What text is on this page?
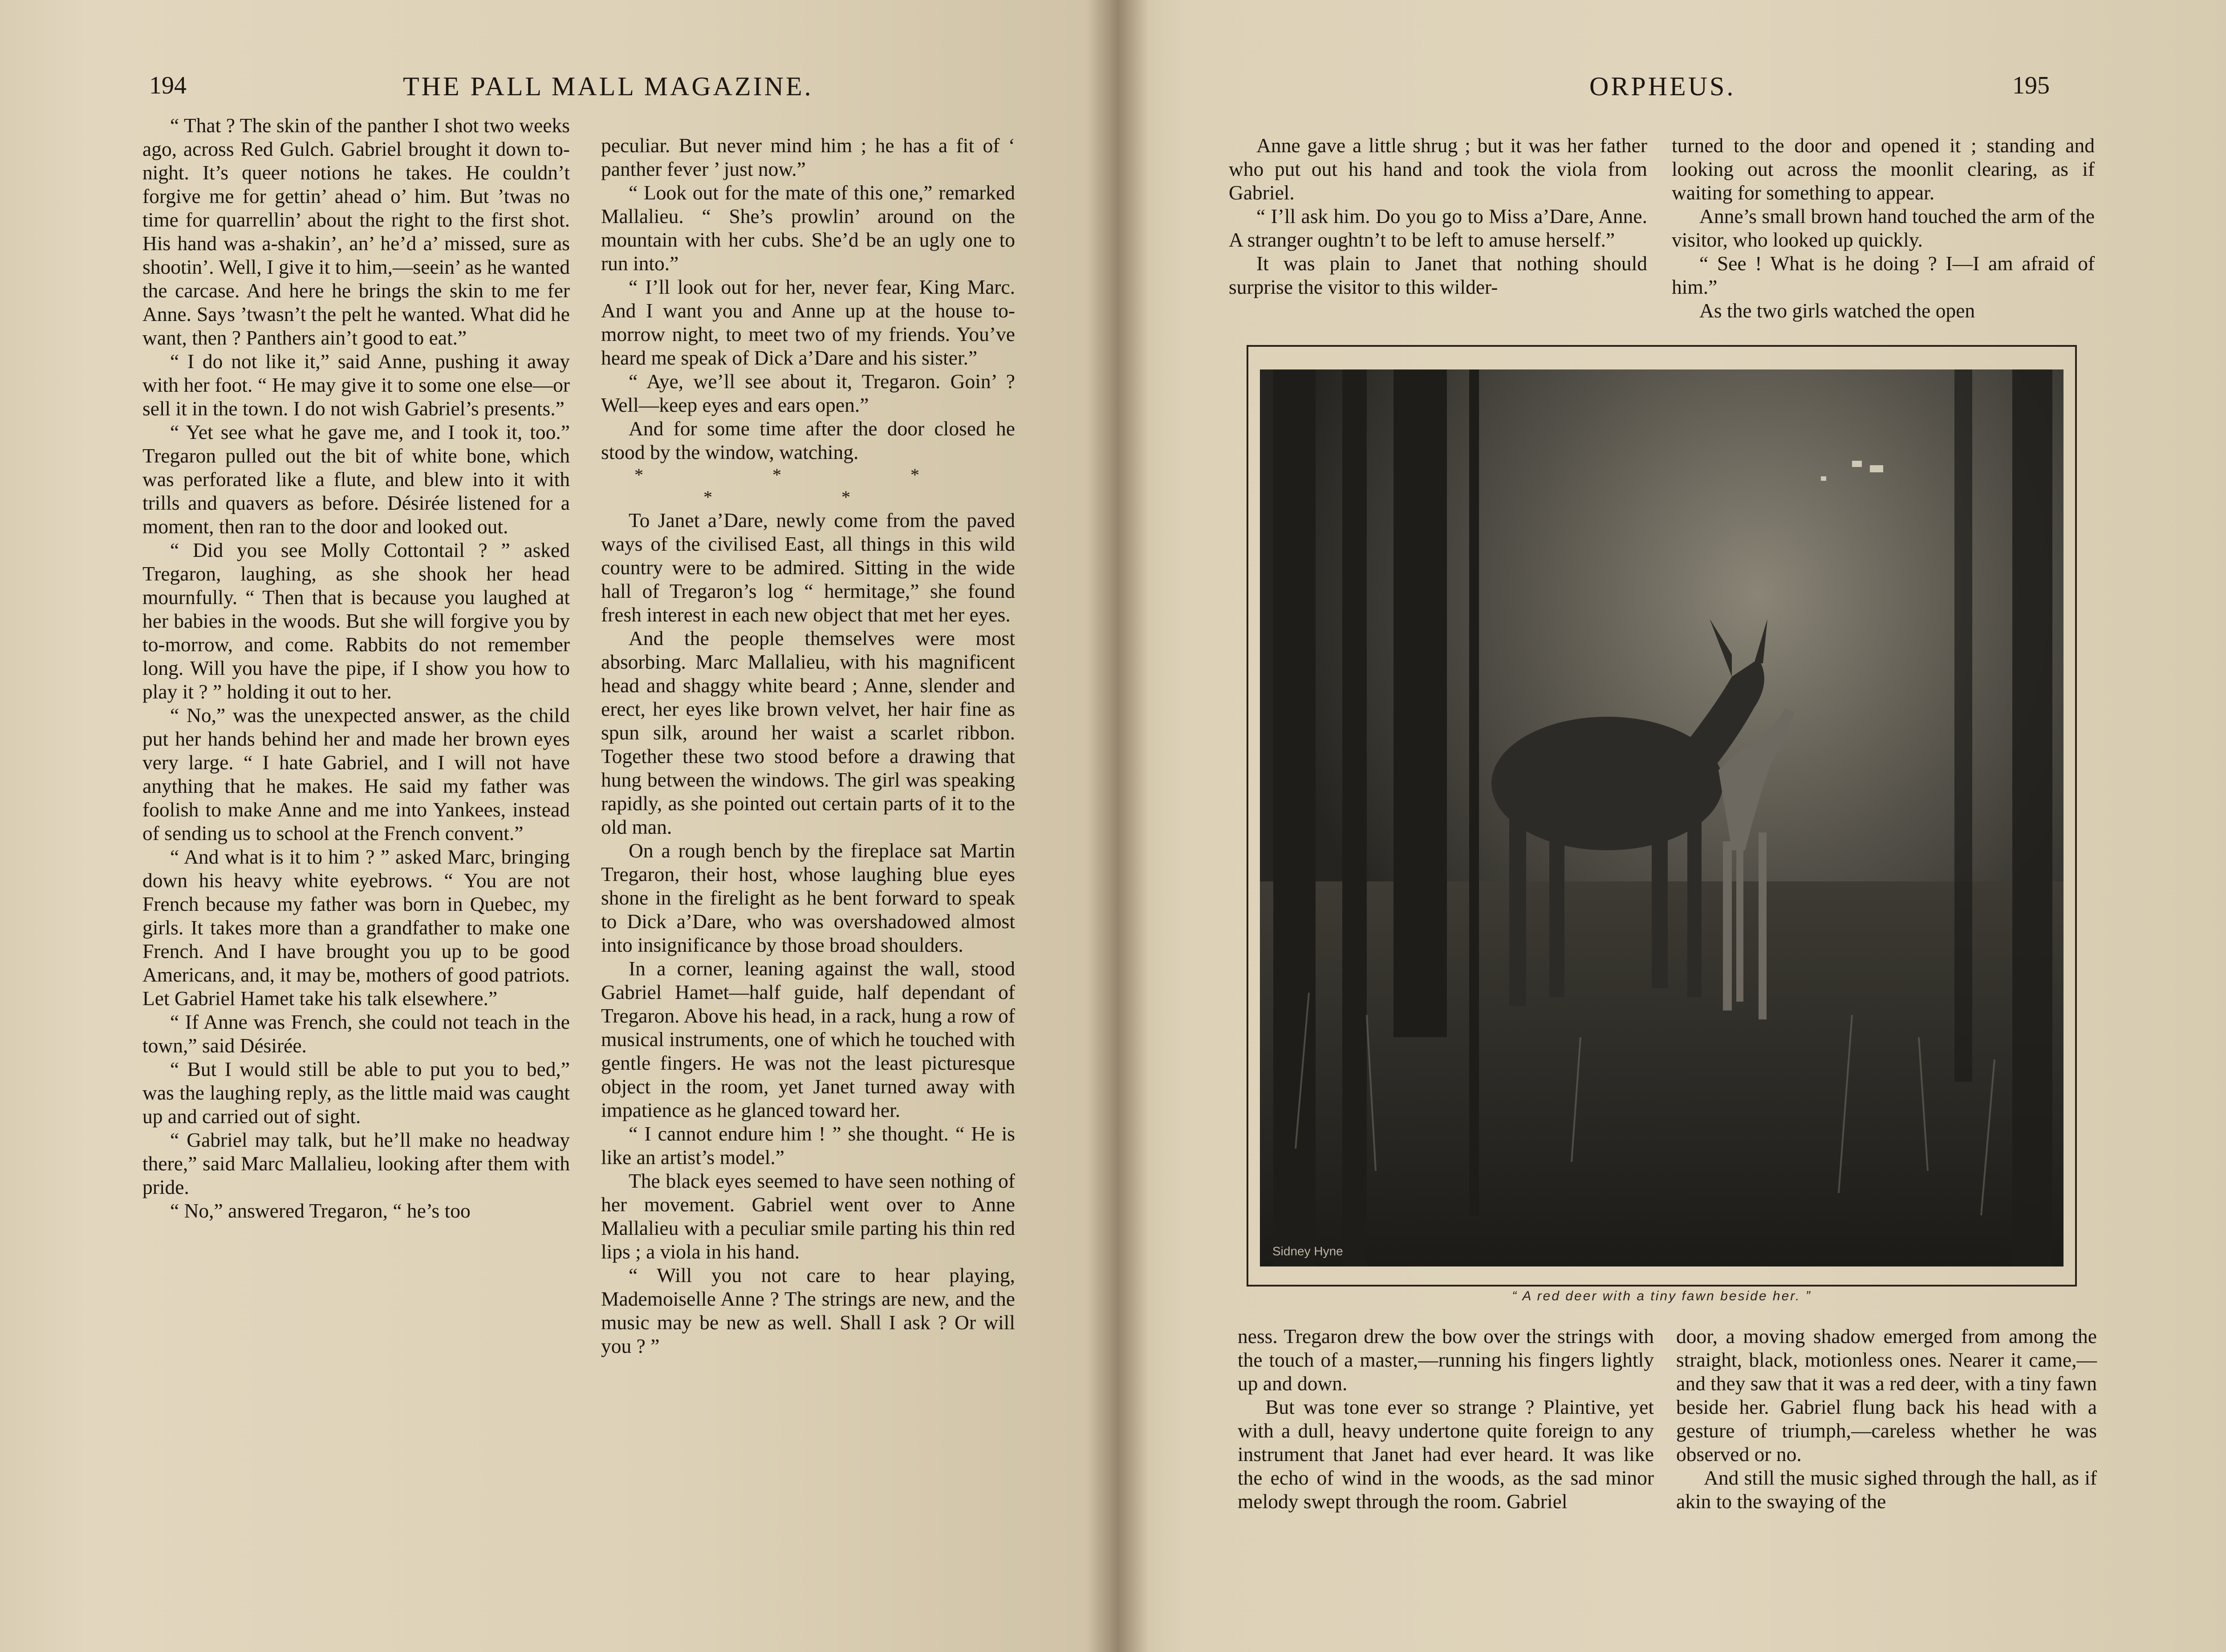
194	THE PALL MALL MAGAZINE.

“ That ? The skin of the panther I shot two weeks ago, across Red Gulch. Gabriel brought it down to-night. It’s queer notions he takes. He couldn’t forgive me for gettin’ ahead o’ him. But ’twas no time for quarrellin’ about the right to the first shot. His hand was a-shakin’, an’ he’d a’ missed, sure as shootin’. Well, I give it to him,—seein’ as he wanted the carcase. And here he brings the skin to me fer Anne. Says ’twasn’t the pelt he wanted. What did he want, then ? Panthers ain’t good to eat.”

“ I do not like it,” said Anne, pushing it away with her foot. “ He may give it to some one else—or sell it in the town. I do not wish Gabriel’s presents.”

“ Yet see what he gave me, and I took it, too.” Tregaron pulled out the bit of white bone, which was perforated like a flute, and blew into it with trills and quavers as before. Désirée listened for a moment, then ran to the door and looked out.

“ Did you see Molly Cottontail ? ” asked Tregaron, laughing, as she shook her head mournfully. “ Then that is because you laughed at her babies in the woods. But she will forgive you by to-morrow, and come. Rabbits do not remember long. Will you have the pipe, if I show you how to play it ? ” holding it out to her.

“ No,” was the unexpected answer, as the child put her hands behind her and made her brown eyes very large. “ I hate Gabriel, and I will not have anything that he makes. He said my father was foolish to make Anne and me into Yankees, instead of sending us to school at the French convent.”

“ And what is it to him ? ” asked Marc, bringing down his heavy white eyebrows. “ You are not French because my father was born in Quebec, my girls. It takes more than a grandfather to make one French. And I have brought you up to be good Americans, and, it may be, mothers of good patriots. Let Gabriel Hamet take his talk elsewhere.”

“ If Anne was French, she could not teach in the town,” said Désirée.

“ But I would still be able to put you to bed,” was the laughing reply, as the little maid was caught up and carried out of sight.

“ Gabriel may talk, but he’ll make no headway there,” said Marc Mallalieu, looking after them with pride.

“ No,” answered Tregaron, “ he’s too

peculiar. But never mind him ; he has a fit of ‘ panther fever ’ just now.”

“ Look out for the mate of this one,” remarked Mallalieu. “ She’s prowlin’ around on the mountain with her cubs. She’d be an ugly one to run into.”

“ I’ll look out for her, never fear, King Marc. And I want you and Anne up at the house to-morrow night, to meet two of my friends. You’ve heard me speak of Dick a’Dare and his sister.”

“ Aye, we’ll see about it, Tregaron. Goin’ ? Well—keep eyes and ears open.”

And for some time after the door closed he stood by the window, watching.

* * * * *

To Janet a’Dare, newly come from the paved ways of the civilised East, all things in this wild country were to be admired. Sitting in the wide hall of Tregaron’s log “ hermitage,” she found fresh interest in each new object that met her eyes.

And the people themselves were most absorbing. Marc Mallalieu, with his magnificent head and shaggy white beard ; Anne, slender and erect, her eyes like brown velvet, her hair fine as spun silk, around her waist a scarlet ribbon. Together these two stood before a drawing that hung between the windows. The girl was speaking rapidly, as she pointed out certain parts of it to the old man.

On a rough bench by the fireplace sat Martin Tregaron, their host, whose laughing blue eyes shone in the firelight as he bent forward to speak to Dick a’Dare, who was overshadowed almost into insignificance by those broad shoulders.

In a corner, leaning against the wall, stood Gabriel Hamet—half guide, half dependant of Tregaron. Above his head, in a rack, hung a row of musical instruments, one of which he touched with gentle fingers. He was not the least picturesque object in the room, yet Janet turned away with impatience as he glanced toward her.

“ I cannot endure him ! ” she thought. “ He is like an artist’s model.”

The black eyes seemed to have seen nothing of her movement. Gabriel went over to Anne Mallalieu with a peculiar smile parting his thin red lips ; a viola in his hand.

“ Will you not care to hear playing, Mademoiselle Anne ? The strings are new, and the music may be new as well. Shall I ask ? Or will you ? ”

ORPHEUS.	195

Anne gave a little shrug ; but it was her father who put out his hand and took the viola from Gabriel.

“ I’ll ask him. Do you go to Miss a’Dare, Anne. A stranger oughtn’t to be left to amuse herself.”

It was plain to Janet that nothing should surprise the visitor to this wilder-

turned to the door and opened it ; standing and looking out across the moonlit clearing, as if waiting for something to appear.

Anne’s small brown hand touched the arm of the visitor, who looked up quickly.

“ See ! What is he doing ? I—I am afraid of him.”

As the two girls watched the open

Sidney Hyne
“ A red deer with a tiny fawn beside her. ”

ness. Tregaron drew the bow over the strings with the touch of a master,—running his fingers lightly up and down.

But was tone ever so strange ? Plaintive, yet with a dull, heavy undertone quite foreign to any instrument that Janet had ever heard. It was like the echo of wind in the woods, as the sad minor melody swept through the room. Gabriel

door, a moving shadow emerged from among the straight, black, motionless ones. Nearer it came,—and they saw that it was a red deer, with a tiny fawn beside her. Gabriel flung back his head with a gesture of triumph,—careless whether he was observed or no.

And still the music sighed through the hall, as if akin to the swaying of the
